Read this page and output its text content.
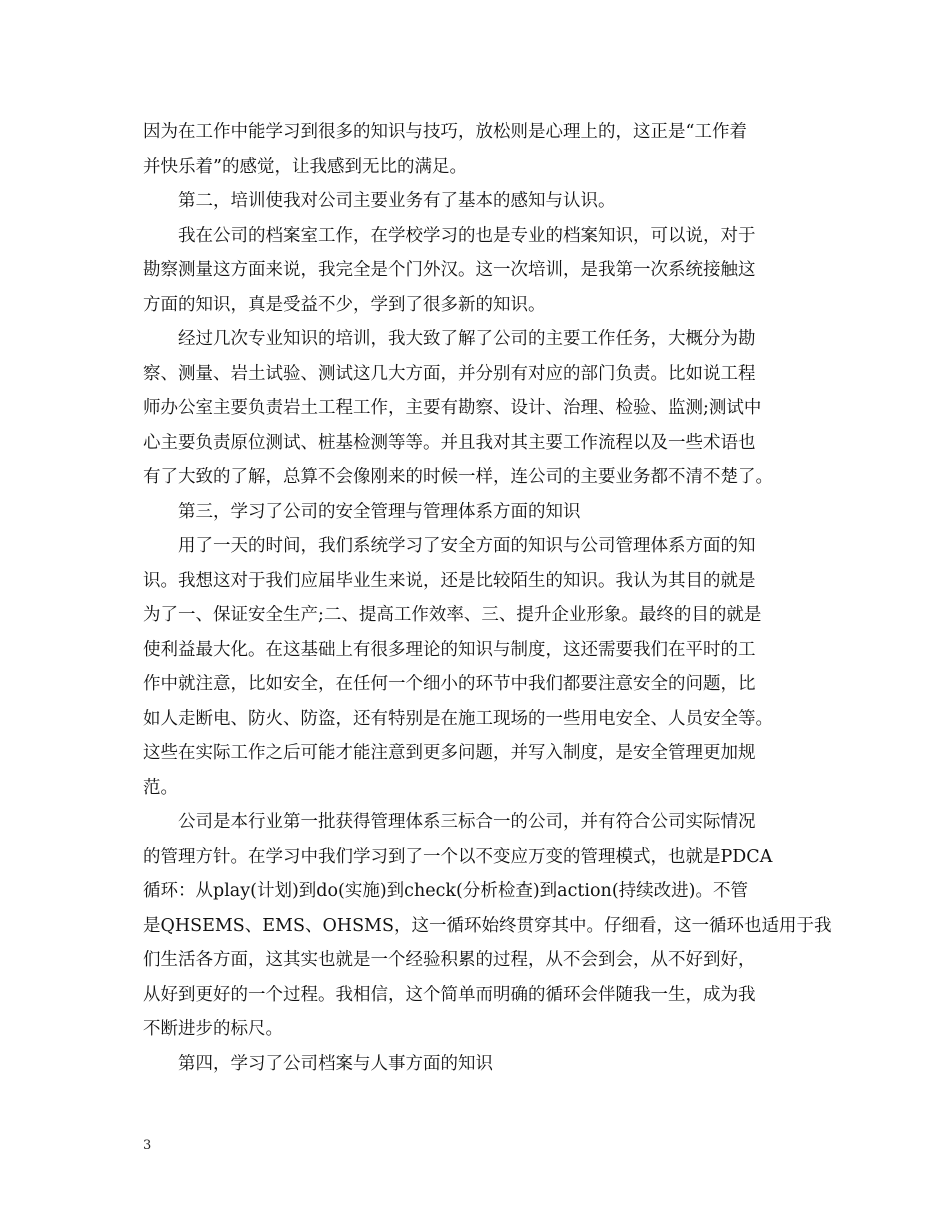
因为在工作中能学习到很多的知识与技巧，放松则是心理上的，这正是“工作着
并快乐着”的感觉，让我感到无比的满足。
第二，培训使我对公司主要业务有了基本的感知与认识。
我在公司的档案室工作，在学校学习的也是专业的档案知识，可以说，对于
勘察测量这方面来说，我完全是个门外汉。这一次培训，是我第一次系统接触这
方面的知识，真是受益不少，学到了很多新的知识。
经过几次专业知识的培训，我大致了解了公司的主要工作任务，大概分为勘
察、测量、岩土试验、测试这几大方面，并分别有对应的部门负责。比如说工程
师办公室主要负责岩土工程工作，主要有勘察、设计、治理、检验、监测;测试中
心主要负责原位测试、桩基检测等等。并且我对其主要工作流程以及一些术语也
有了大致的了解，总算不会像刚来的时候一样，连公司的主要业务都不清不楚了。
第三，学习了公司的安全管理与管理体系方面的知识
用了一天的时间，我们系统学习了安全方面的知识与公司管理体系方面的知
识。我想这对于我们应届毕业生来说，还是比较陌生的知识。我认为其目的就是
为了一、保证安全生产;二、提高工作效率、三、提升企业形象。最终的目的就是
使利益最大化。在这基础上有很多理论的知识与制度，这还需要我们在平时的工
作中就注意，比如安全，在任何一个细小的环节中我们都要注意安全的问题，比
如人走断电、防火、防盗，还有特别是在施工现场的一些用电安全、人员安全等。
这些在实际工作之后可能才能注意到更多问题，并写入制度，是安全管理更加规
范。
公司是本行业第一批获得管理体系三标合一的公司，并有符合公司实际情况
的管理方针。在学习中我们学习到了一个以不变应万变的管理模式，也就是PDCA
循环：从play(计划)到do(实施)到check(分析检查)到action(持续改进)。不管
是QHSEMS、EMS、OHSMS，这一循环始终贯穿其中。仔细看，这一循环也适用于我
们生活各方面，这其实也就是一个经验积累的过程，从不会到会，从不好到好，
从好到更好的一个过程。我相信，这个简单而明确的循环会伴随我一生，成为我
不断进步的标尺。
第四，学习了公司档案与人事方面的知识
3
